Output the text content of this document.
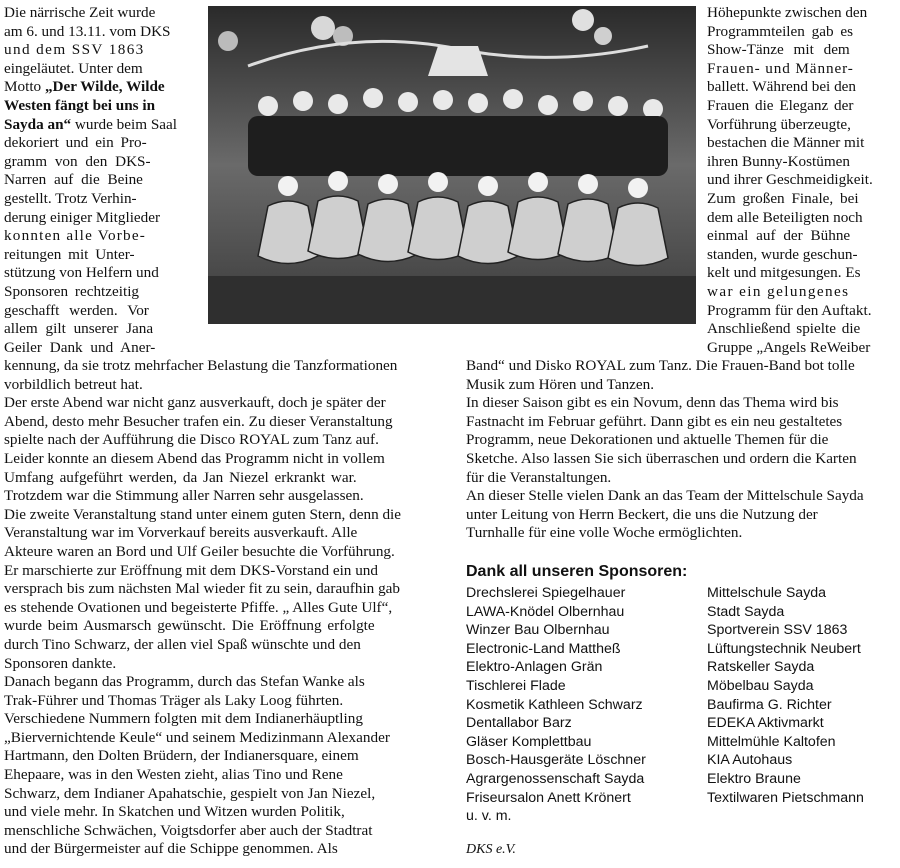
Die närrische Zeit wurde

am 6. und 13.11. vom DKS

und dem SSV 1863

eingeläutet. Unter dem

Motto „Der Wilde, Wilde

Westen fängt bei uns in

Sayda an“ wurde beim Saal

dekoriert und ein Pro-

gramm von den DKS-

Narren auf die Beine

gestellt. Trotz Verhin-

derung einiger Mitglieder

konnten alle Vorbe-

reitungen mit Unter-

stützung von Helfern und

Sponsoren rechtzeitig

geschafft werden. Vor

allem gilt unserer Jana

Geiler Dank und Aner-

Höhepunkte zwischen den

Programmteilen gab es

Show-Tänze mit dem

Frauen- und Männer-

ballett. Während bei den

Frauen die Eleganz der

Vorführung überzeugte,

bestachen die Männer mit

ihren Bunny-Kostümen

und ihrer Geschmeidigkeit.

Zum großen Finale, bei

dem alle Beteiligten noch

einmal auf der Bühne

standen, wurde geschun-

kelt und mitgesungen. Es

war ein gelungenes

Programm für den Auftakt.

Anschließend spielte die

Gruppe „Angels ReWeiber

kennung, da sie trotz mehrfacher Belastung die Tanzformationen

vorbildlich betreut hat.

Der erste Abend war nicht ganz ausverkauft, doch je später der

Abend, desto mehr Besucher trafen ein. Zu dieser Veranstaltung

spielte nach der Aufführung die Disco ROYAL zum Tanz auf.

Leider konnte an diesem Abend das Programm nicht in vollem

Umfang aufgeführt werden, da Jan Niezel erkrankt war.

Trotzdem war die Stimmung aller Narren sehr ausgelassen.

Die zweite Veranstaltung stand unter einem guten Stern, denn die

Veranstaltung war im Vorverkauf bereits ausverkauft. Alle

Akteure waren an Bord und Ulf Geiler besuchte die Vorführung.

Er marschierte zur Eröffnung mit dem DKS-Vorstand ein und

versprach bis zum nächsten Mal wieder fit zu sein, daraufhin gab

es stehende Ovationen und begeisterte Pfiffe. „ Alles Gute Ulf“,

wurde beim Ausmarsch gewünscht. Die Eröffnung erfolgte

durch Tino Schwarz, der allen viel Spaß wünschte und den

Sponsoren dankte.

Danach begann das Programm, durch das Stefan Wanke als

Trak-Führer und Thomas Träger als Laky Loog führten.

Verschiedene Nummern folgten mit dem Indianerhäuptling

„Biervernichtende Keule“ und seinem Medizinmann Alexander

Hartmann, den Dolten Brüdern, der Indianersquare, einem

Ehepaare, was in den Westen zieht, alias Tino und Rene

Schwarz, dem Indianer Apahatschie, gespielt von Jan Niezel,

und viele mehr. In Skatchen und Witzen wurden Politik,

menschliche Schwächen, Voigtsdorfer aber auch der Stadtrat

und der Bürgermeister auf die Schippe genommen. Als

Band“ und Disko ROYAL zum Tanz. Die Frauen-Band bot tolle

Musik zum Hören und Tanzen.

In dieser Saison gibt es ein Novum, denn das Thema wird bis

Fastnacht im Februar geführt. Dann gibt es ein neu gestaltetes

Programm, neue Dekorationen und aktuelle Themen für die

Sketche. Also lassen Sie sich überraschen und ordern die Karten

für die Veranstaltungen.

An dieser Stelle vielen Dank an das Team der Mittelschule Sayda

unter Leitung von Herrn Beckert, die uns die Nutzung der

Turnhalle für eine volle Woche ermöglichten.

Dank all unseren Sponsoren:
Drechslerei Spiegelhauer
LAWA-Knödel Olbernhau
Winzer Bau Olbernhau
Electronic-Land Mattheß
Elektro-Anlagen Grän
Tischlerei Flade
Kosmetik Kathleen Schwarz
Dentallabor Barz
Gläser Komplettbau
Bosch-Hausgeräte Löschner
Agrargenossenschaft Sayda
Friseursalon Anett Krönert
u. v. m.
Mittelschule Sayda
Stadt Sayda
Sportverein SSV 1863
Lüftungstechnik Neubert
Ratskeller Sayda
Möbelbau Sayda
Baufirma G. Richter
EDEKA Aktivmarkt
Mittelmühle Kaltofen
KIA Autohaus
Elektro Braune
Textilwaren Pietschmann
DKS e.V.
